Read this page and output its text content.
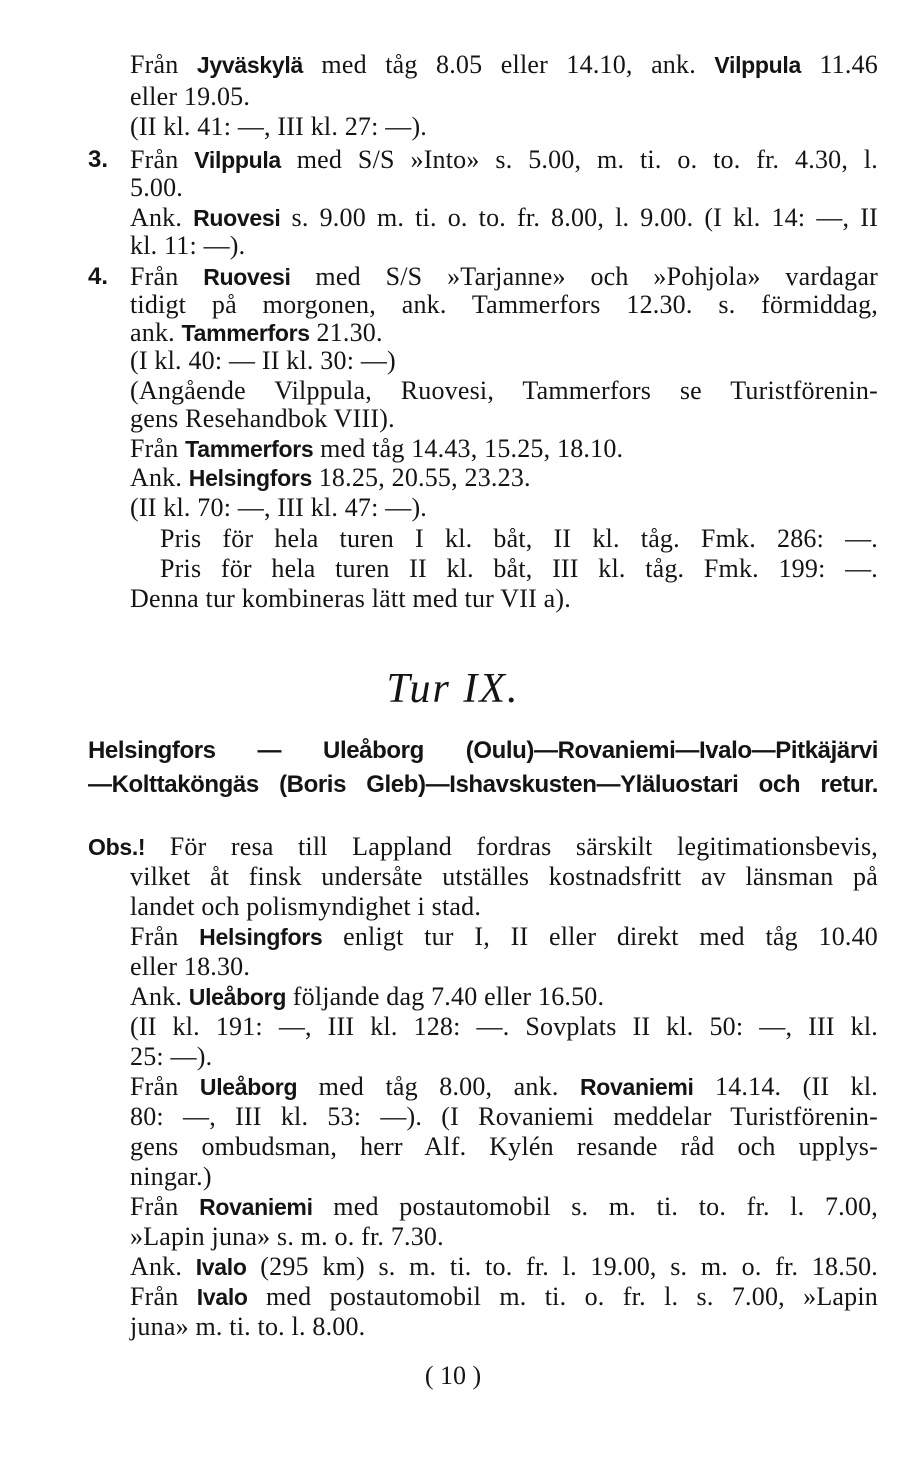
Från Jyväskylä med tåg 8.05 eller 14.10, ank. Vilppula 11.46
eller 19.05.
(II kl. 41: —, III kl. 27: —).
3. Från Vilppula med S/S »Into» s. 5.00, m. ti. o. to. fr. 4.30, l.
5.00.
Ank. Ruovesi s. 9.00 m. ti. o. to. fr. 8.00, l. 9.00. (I kl. 14: —, II
kl. 11: —).
4. Från Ruovesi med S/S »Tarjanne» och »Pohjola» vardagar
tidigt på morgonen, ank. Tammerfors 12.30. s. förmiddag,
ank. Tammerfors 21.30.
(I kl. 40: — II kl. 30: —)
(Angående Vilppula, Ruovesi, Tammerfors se Turistförenin-
gens Resehandbok VIII).
Från Tammerfors med tåg 14.43, 15.25, 18.10.
Ank. Helsingfors 18.25, 20.55, 23.23.
(II kl. 70: —, III kl. 47: —).
Pris för hela turen I kl. båt, II kl. tåg. Fmk. 286: —.
Pris för hela turen II kl. båt, III kl. tåg. Fmk. 199: —.
Denna tur kombineras lätt med tur VII a).
Tur IX.
Helsingfors — Uleåborg (Oulu)—Rovaniemi—Ivalo—Pitkäjärvi
—Kolttaköngäs (Boris Gleb)—Ishavskusten—Yläluostari och retur.
Obs.! För resa till Lappland fordras särskilt legitimationsbevis,
vilket åt finsk undersåte utställes kostnadsfritt av länsman på
landet och polismyndighet i stad.
Från Helsingfors enligt tur I, II eller direkt med tåg 10.40
eller 18.30.
Ank. Uleåborg följande dag 7.40 eller 16.50.
(II kl. 191: —, III kl. 128: —. Sovplats II kl. 50: —, III kl.
25: —).
Från Uleåborg med tåg 8.00, ank. Rovaniemi 14.14. (II kl.
80: —, III kl. 53: —). (I Rovaniemi meddelar Turistförenin-
gens ombudsman, herr Alf. Kylén resande råd och upplys-
ningar.)
Från Rovaniemi med postautomobil s. m. ti. to. fr. l. 7.00,
»Lapin juna» s. m. o. fr. 7.30.
Ank. Ivalo (295 km) s. m. ti. to. fr. l. 19.00, s. m. o. fr. 18.50.
Från Ivalo med postautomobil m. ti. o. fr. l. s. 7.00, »Lapin
juna» m. ti. to. l. 8.00.
( 10 )
